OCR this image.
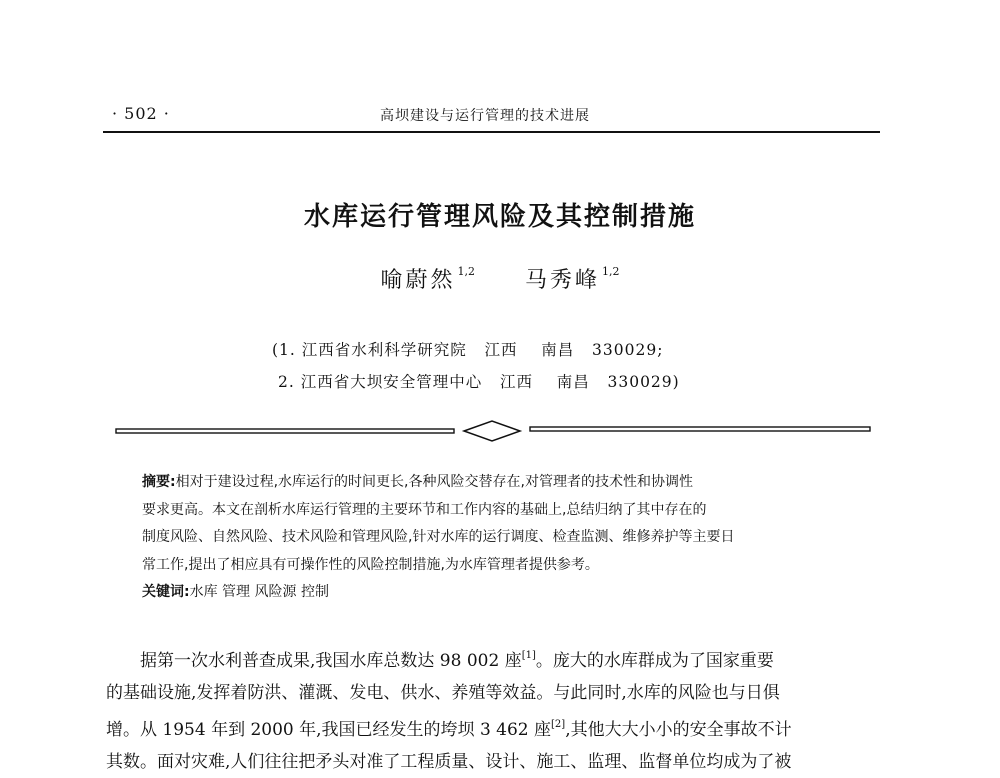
· 502 ·	高坝建设与运行管理的技术进展
水库运行管理风险及其控制措施
喻蔚然 $^{1,2}$ 马秀峰 $^{1,2}$
(1. 江西省水利科学研究院   江西    南昌   330029;
2. 江西省大坝安全管理中心   江西    南昌   330029)
摘要:相对于建设过程,水库运行的时间更长,各种风险交替存在,对管理者的技术性和协调性
要求更高。本文在剖析水库运行管理的主要环节和工作内容的基础上,总结归纳了其中存在的
制度风险、自然风险、技术风险和管理风险,针对水库的运行调度、检查监测、维修养护等主要日
常工作,提出了相应具有可操作性的风险控制措施,为水库管理者提供参考。
关键词:水库 管理 风险源 控制
据第一次水利普查成果,我国水库总数达 98 002 座[1]。庞大的水库群成为了国家重要
的基础设施,发挥着防洪、灌溉、发电、供水、养殖等效益。与此同时,水库的风险也与日俱
增。从 1954 年到 2000 年,我国已经发生的垮坝 3 462 座[2],其他大大小小的安全事故不计
其数。面对灾难,人们往往把矛头对准了工程质量、设计、施工、监理、监督单位均成为了被
